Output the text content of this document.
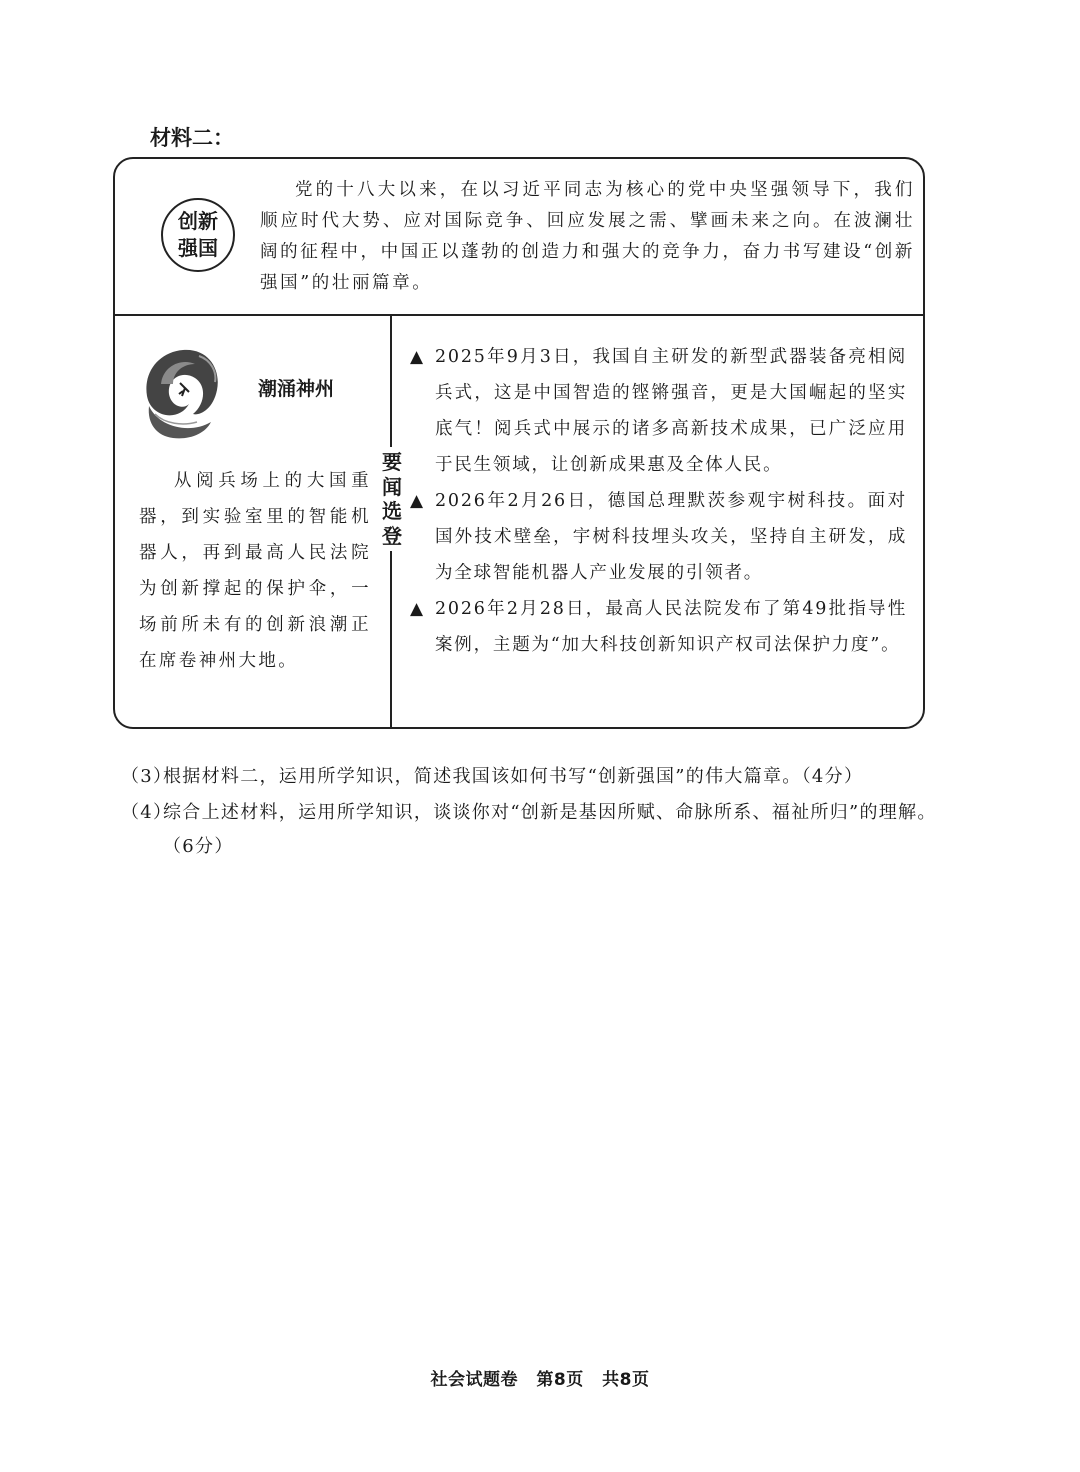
材料二：
创新
强国

党的十八大以来，在以习近平同志为核心的党中央坚强领导下，我们顺应时代大势、应对国际竞争、回应发展之需、擘画未来之向。在波澜壮阔的征程中，中国正以蓬勃的创造力和强大的竞争力，奋力书写建设“创新强国”的壮丽篇章。

潮涌神州

从阅兵场上的大国重器，到实验室里的智能机器人，再到最高人民法院为创新撑起的保护伞，一场前所未有的创新浪潮正在席卷神州大地。

要
闻
选
登
▲ 2025年9月3日，我国自主研发的新型武器装备亮相阅兵式，这是中国智造的铿锵强音，更是大国崛起的坚实底气！阅兵式中展示的诸多高新技术成果，已广泛应用于民生领域，让创新成果惠及全体人民。
▲ 2026年2月26日，德国总理默茨参观宇树科技。面对国外技术壁垒，宇树科技埋头攻关，坚持自主研发，成为全球智能机器人产业发展的引领者。
▲ 2026年2月28日，最高人民法院发布了第49批指导性案例，主题为“加大科技创新知识产权司法保护力度”。

（3）
根据材料二，运用所学知识，简述我国该如何书写“创新强国”的伟大篇章。（4分）

（4）
综合上述材料，运用所学知识，谈谈你对“创新是基因所赋、命脉所系、福祉所归”的理解。（6分）

社会试题卷 第8页 共8页
